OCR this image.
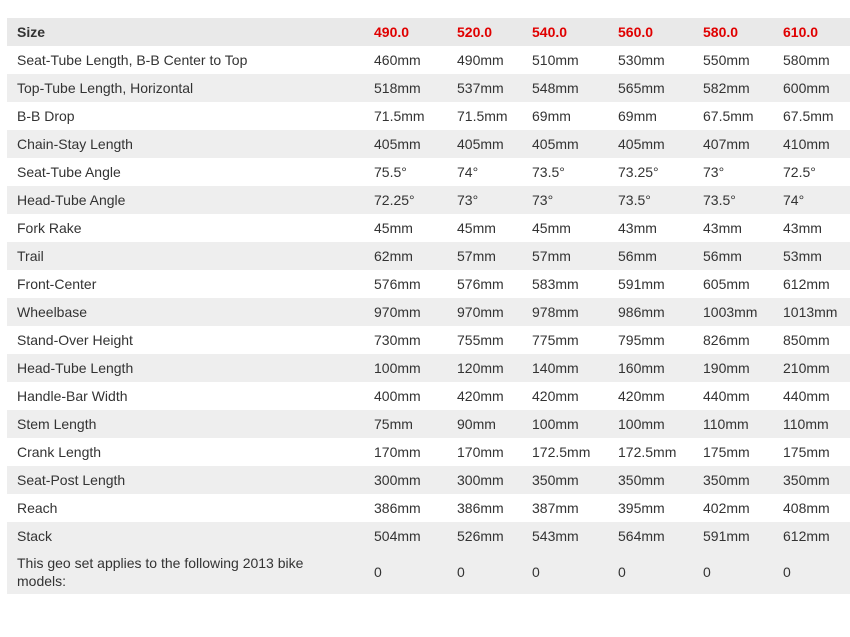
Size	490.0	520.0	540.0	560.0	580.0	610.0
Seat-Tube Length, B-B Center to Top	460mm	490mm	510mm	530mm	550mm	580mm
Top-Tube Length, Horizontal	518mm	537mm	548mm	565mm	582mm	600mm
B-B Drop	71.5mm	71.5mm	69mm	69mm	67.5mm	67.5mm
Chain-Stay Length	405mm	405mm	405mm	405mm	407mm	410mm
Seat-Tube Angle	75.5°	74°	73.5°	73.25°	73°	72.5°
Head-Tube Angle	72.25°	73°	73°	73.5°	73.5°	74°
Fork Rake	45mm	45mm	45mm	43mm	43mm	43mm
Trail	62mm	57mm	57mm	56mm	56mm	53mm
Front-Center	576mm	576mm	583mm	591mm	605mm	612mm
Wheelbase	970mm	970mm	978mm	986mm	1003mm	1013mm
Stand-Over Height	730mm	755mm	775mm	795mm	826mm	850mm
Head-Tube Length	100mm	120mm	140mm	160mm	190mm	210mm
Handle-Bar Width	400mm	420mm	420mm	420mm	440mm	440mm
Stem Length	75mm	90mm	100mm	100mm	110mm	110mm
Crank Length	170mm	170mm	172.5mm	172.5mm	175mm	175mm
Seat-Post Length	300mm	300mm	350mm	350mm	350mm	350mm
Reach	386mm	386mm	387mm	395mm	402mm	408mm
Stack	504mm	526mm	543mm	564mm	591mm	612mm
This geo set applies to the following 2013 bike models:	0	0	0	0	0	0
